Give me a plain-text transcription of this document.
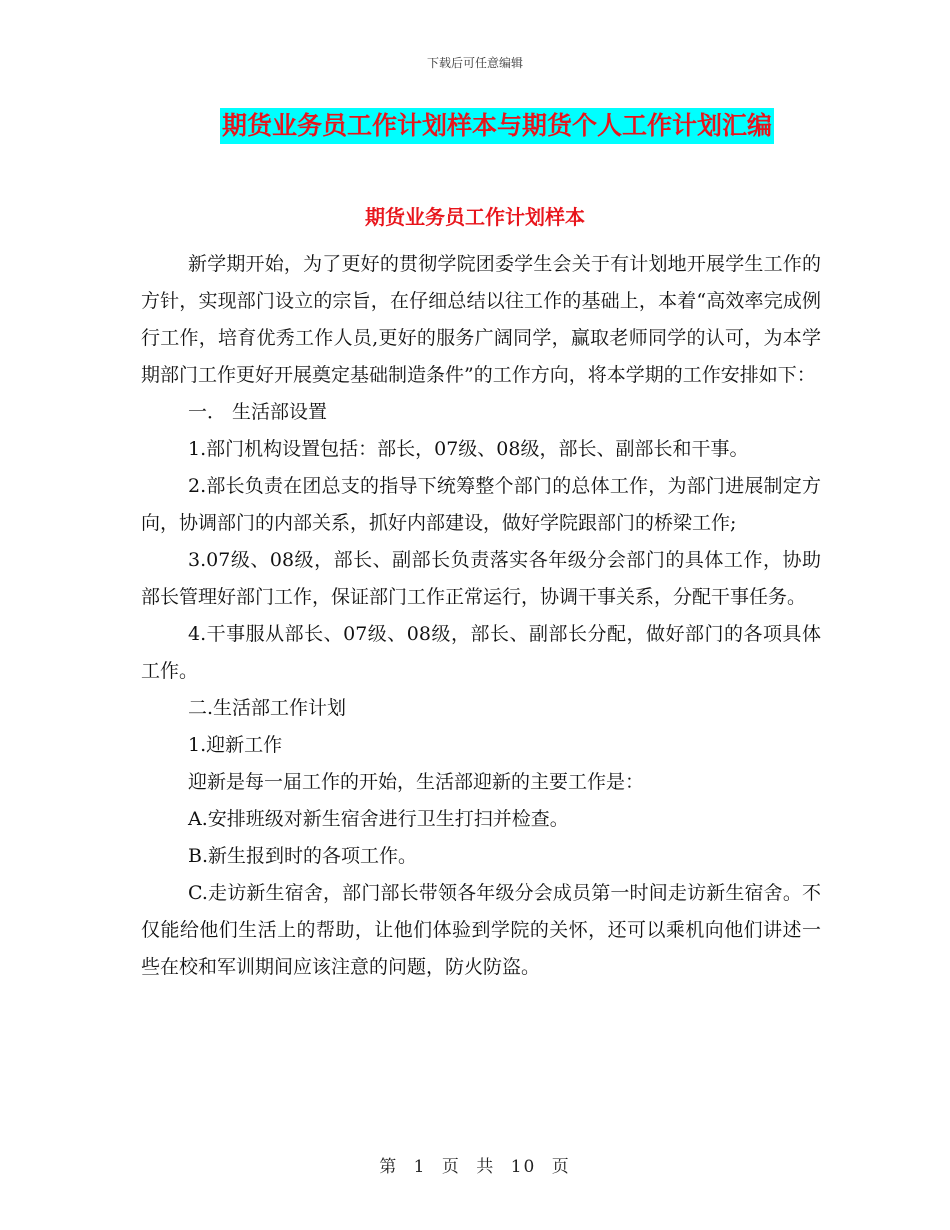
下载后可任意编辑
期货业务员工作计划样本与期货个人工作计划汇编
期货业务员工作计划样本

新学期开始，为了更好的贯彻学院团委学生会关于有计划地开展学生工作的方针，实现部门设立的宗旨，在仔细总结以往工作的基础上，本着“高效率完成例行工作，培育优秀工作人员,更好的服务广阔同学，赢取老师同学的认可，为本学期部门工作更好开展奠定基础制造条件”的工作方向，将本学期的工作安排如下：

一． 生活部设置

1.部门机构设置包括：部长，07级、08级，部长、副部长和干事。

2.部长负责在团总支的指导下统筹整个部门的总体工作，为部门进展制定方向，协调部门的内部关系，抓好内部建设，做好学院跟部门的桥梁工作;

3.07级、08级，部长、副部长负责落实各年级分会部门的具体工作，协助部长管理好部门工作，保证部门工作正常运行，协调干事关系，分配干事任务。

4.干事服从部长、07级、08级，部长、副部长分配，做好部门的各项具体工作。

二.生活部工作计划

1.迎新工作

迎新是每一届工作的开始，生活部迎新的主要工作是：

A.安排班级对新生宿舍进行卫生打扫并检查。

B.新生报到时的各项工作。

C.走访新生宿舍，部门部长带领各年级分会成员第一时间走访新生宿舍。不仅能给他们生活上的帮助，让他们体验到学院的关怀，还可以乘机向他们讲述一些在校和军训期间应该注意的问题，防火防盗。

第 1 页 共 10 页
